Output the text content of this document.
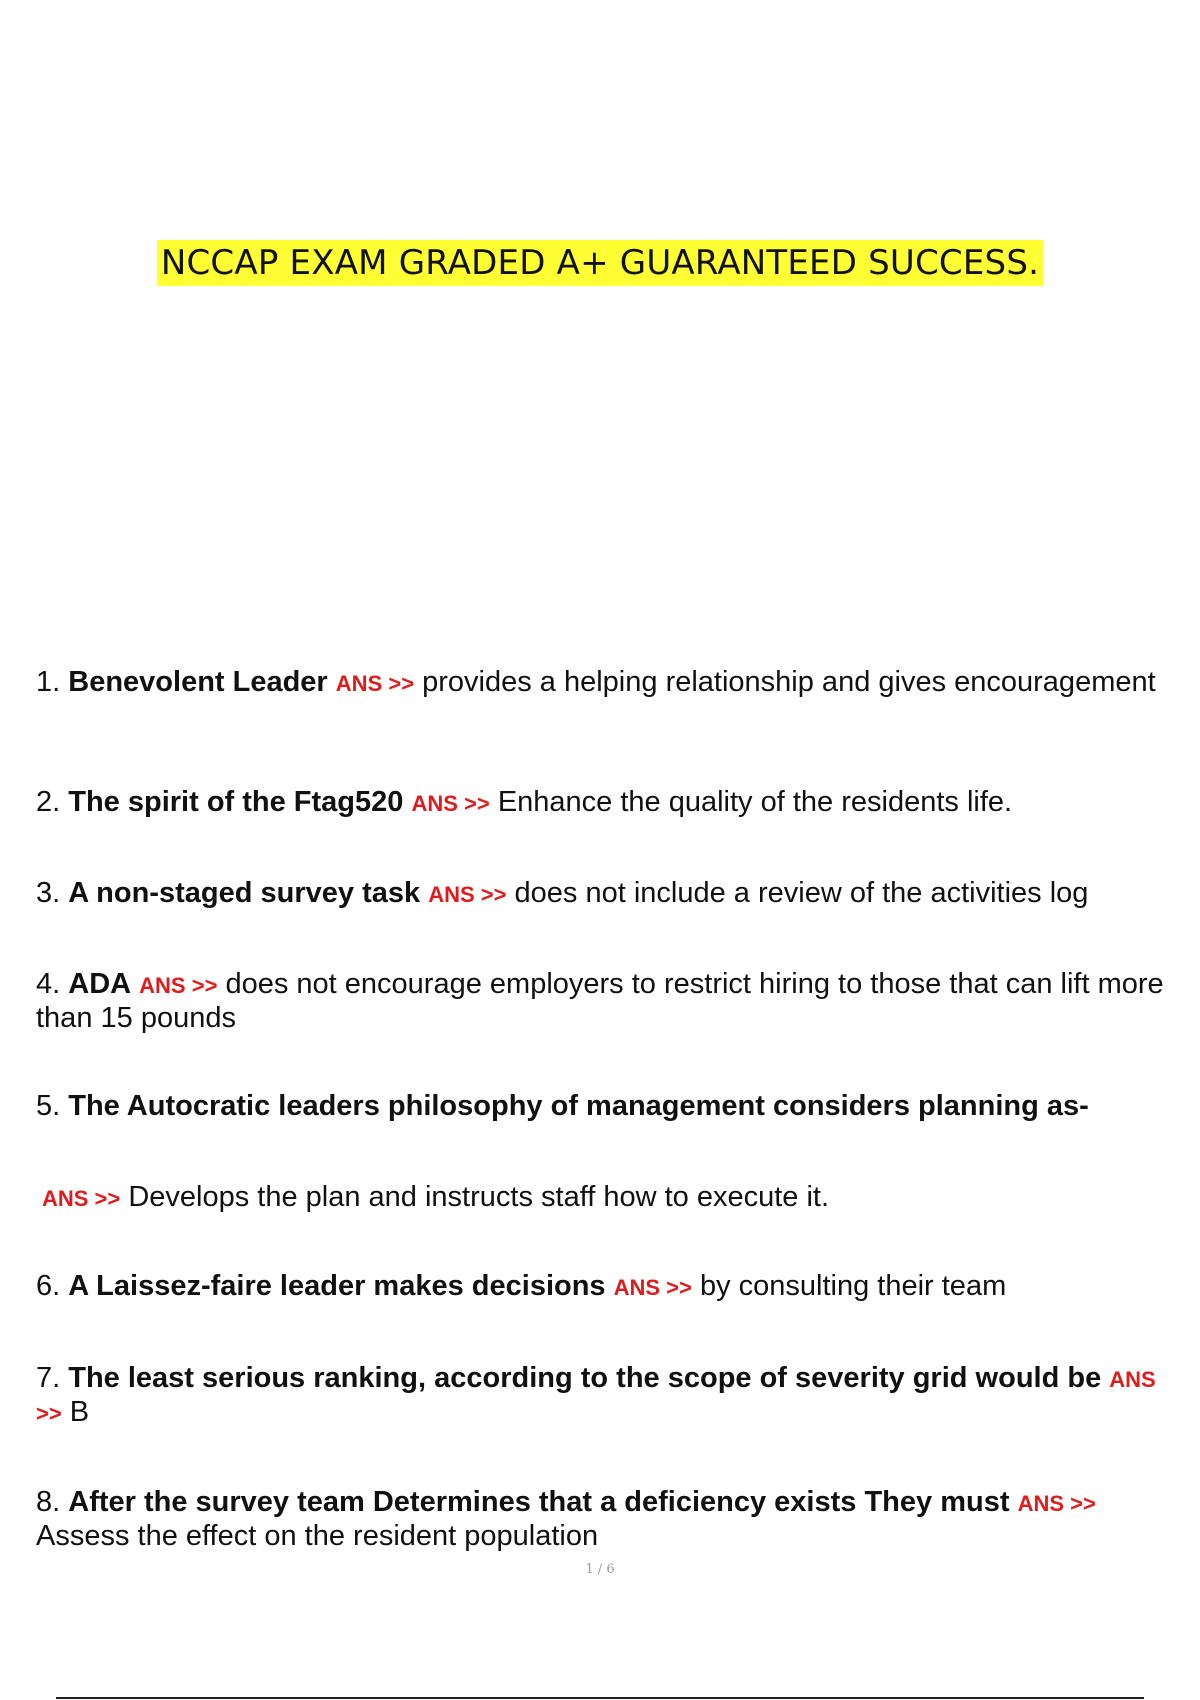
NCCAP EXAM GRADED A+ GUARANTEED SUCCESS.
1. Benevolent Leader ANS >> provides a helping relationship and gives encouragement
2. The spirit of the Ftag520 ANS >> Enhance the quality of the residents life.
3. A non-staged survey task ANS >> does not include a review of the activities log
4. ADA ANS >> does not encourage employers to restrict hiring to those that can lift more than 15 pounds
5. The Autocratic leaders philosophy of management considers planning as-
ANS >> Develops the plan and instructs staff how to execute it.
6. A Laissez-faire leader makes decisions ANS >> by consulting their team
7. The least serious ranking, according to the scope of severity grid would be ANS >> B
8. After the survey team Determines that a deficiency exists They must ANS >> Assess the effect on the resident population
1 / 6
